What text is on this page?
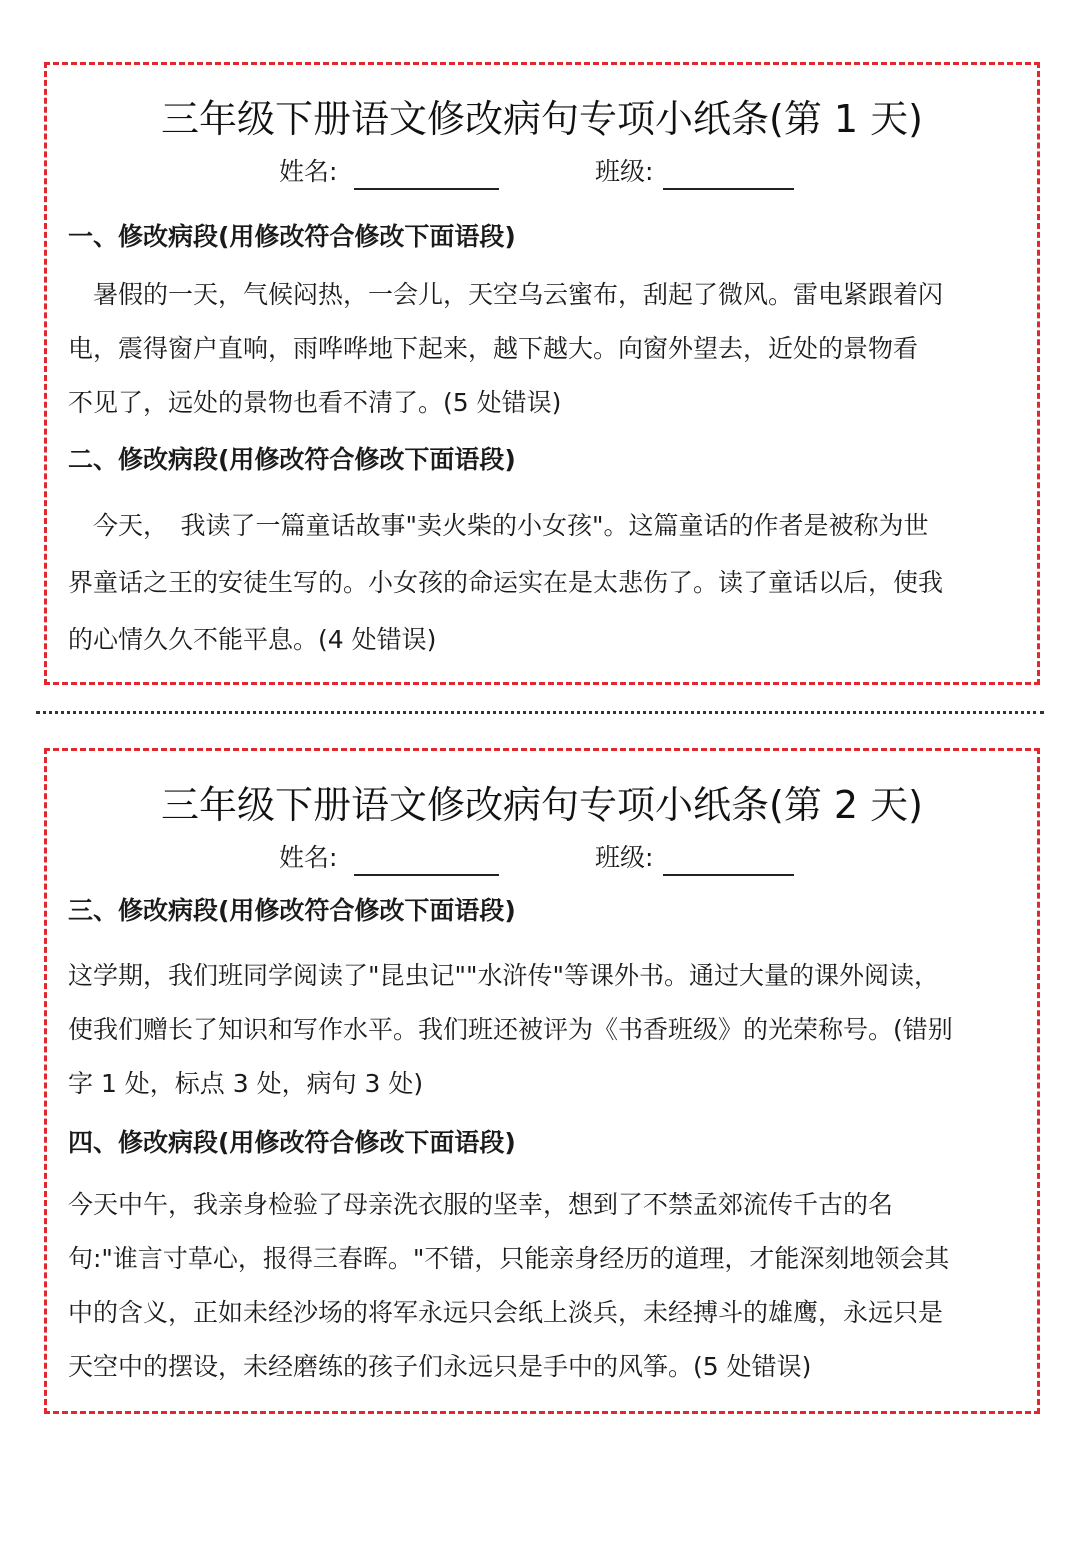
三年级下册语文修改病句专项小纸条(第 1 天)
姓名:	班级:
一、修改病段(用修改符合修改下面语段)
　暑假的一天，气候闷热，一会儿，天空乌云蜜布，刮起了微风。雷电紧跟着闪
电，震得窗户直响，雨哗哗地下起来，越下越大。向窗外望去，近处的景物看
不见了，远处的景物也看不清了。(5 处错误)
二、修改病段(用修改符合修改下面语段)
　今天，　我读了一篇童话故事"卖火柴的小女孩"。这篇童话的作者是被称为世
界童话之王的安徒生写的。小女孩的命运实在是太悲伤了。读了童话以后，使我
的心情久久不能平息。(4 处错误)
三年级下册语文修改病句专项小纸条(第 2 天)
姓名:	班级:
三、修改病段(用修改符合修改下面语段)
这学期，我们班同学阅读了"昆虫记""水浒传"等课外书。通过大量的课外阅读，
使我们赠长了知识和写作水平。我们班还被评为《书香班级》的光荣称号。(错别
字 1 处，标点 3 处，病句 3 处)
四、修改病段(用修改符合修改下面语段)
今天中午，我亲身检验了母亲洗衣服的坚幸，想到了不禁孟郊流传千古的名
句:"谁言寸草心，报得三春晖。"不错，只能亲身经历的道理，才能深刻地领会其
中的含义，正如未经沙场的将军永远只会纸上淡兵，未经搏斗的雄鹰，永远只是
天空中的摆设，未经磨练的孩子们永远只是手中的风筝。(5 处错误)
